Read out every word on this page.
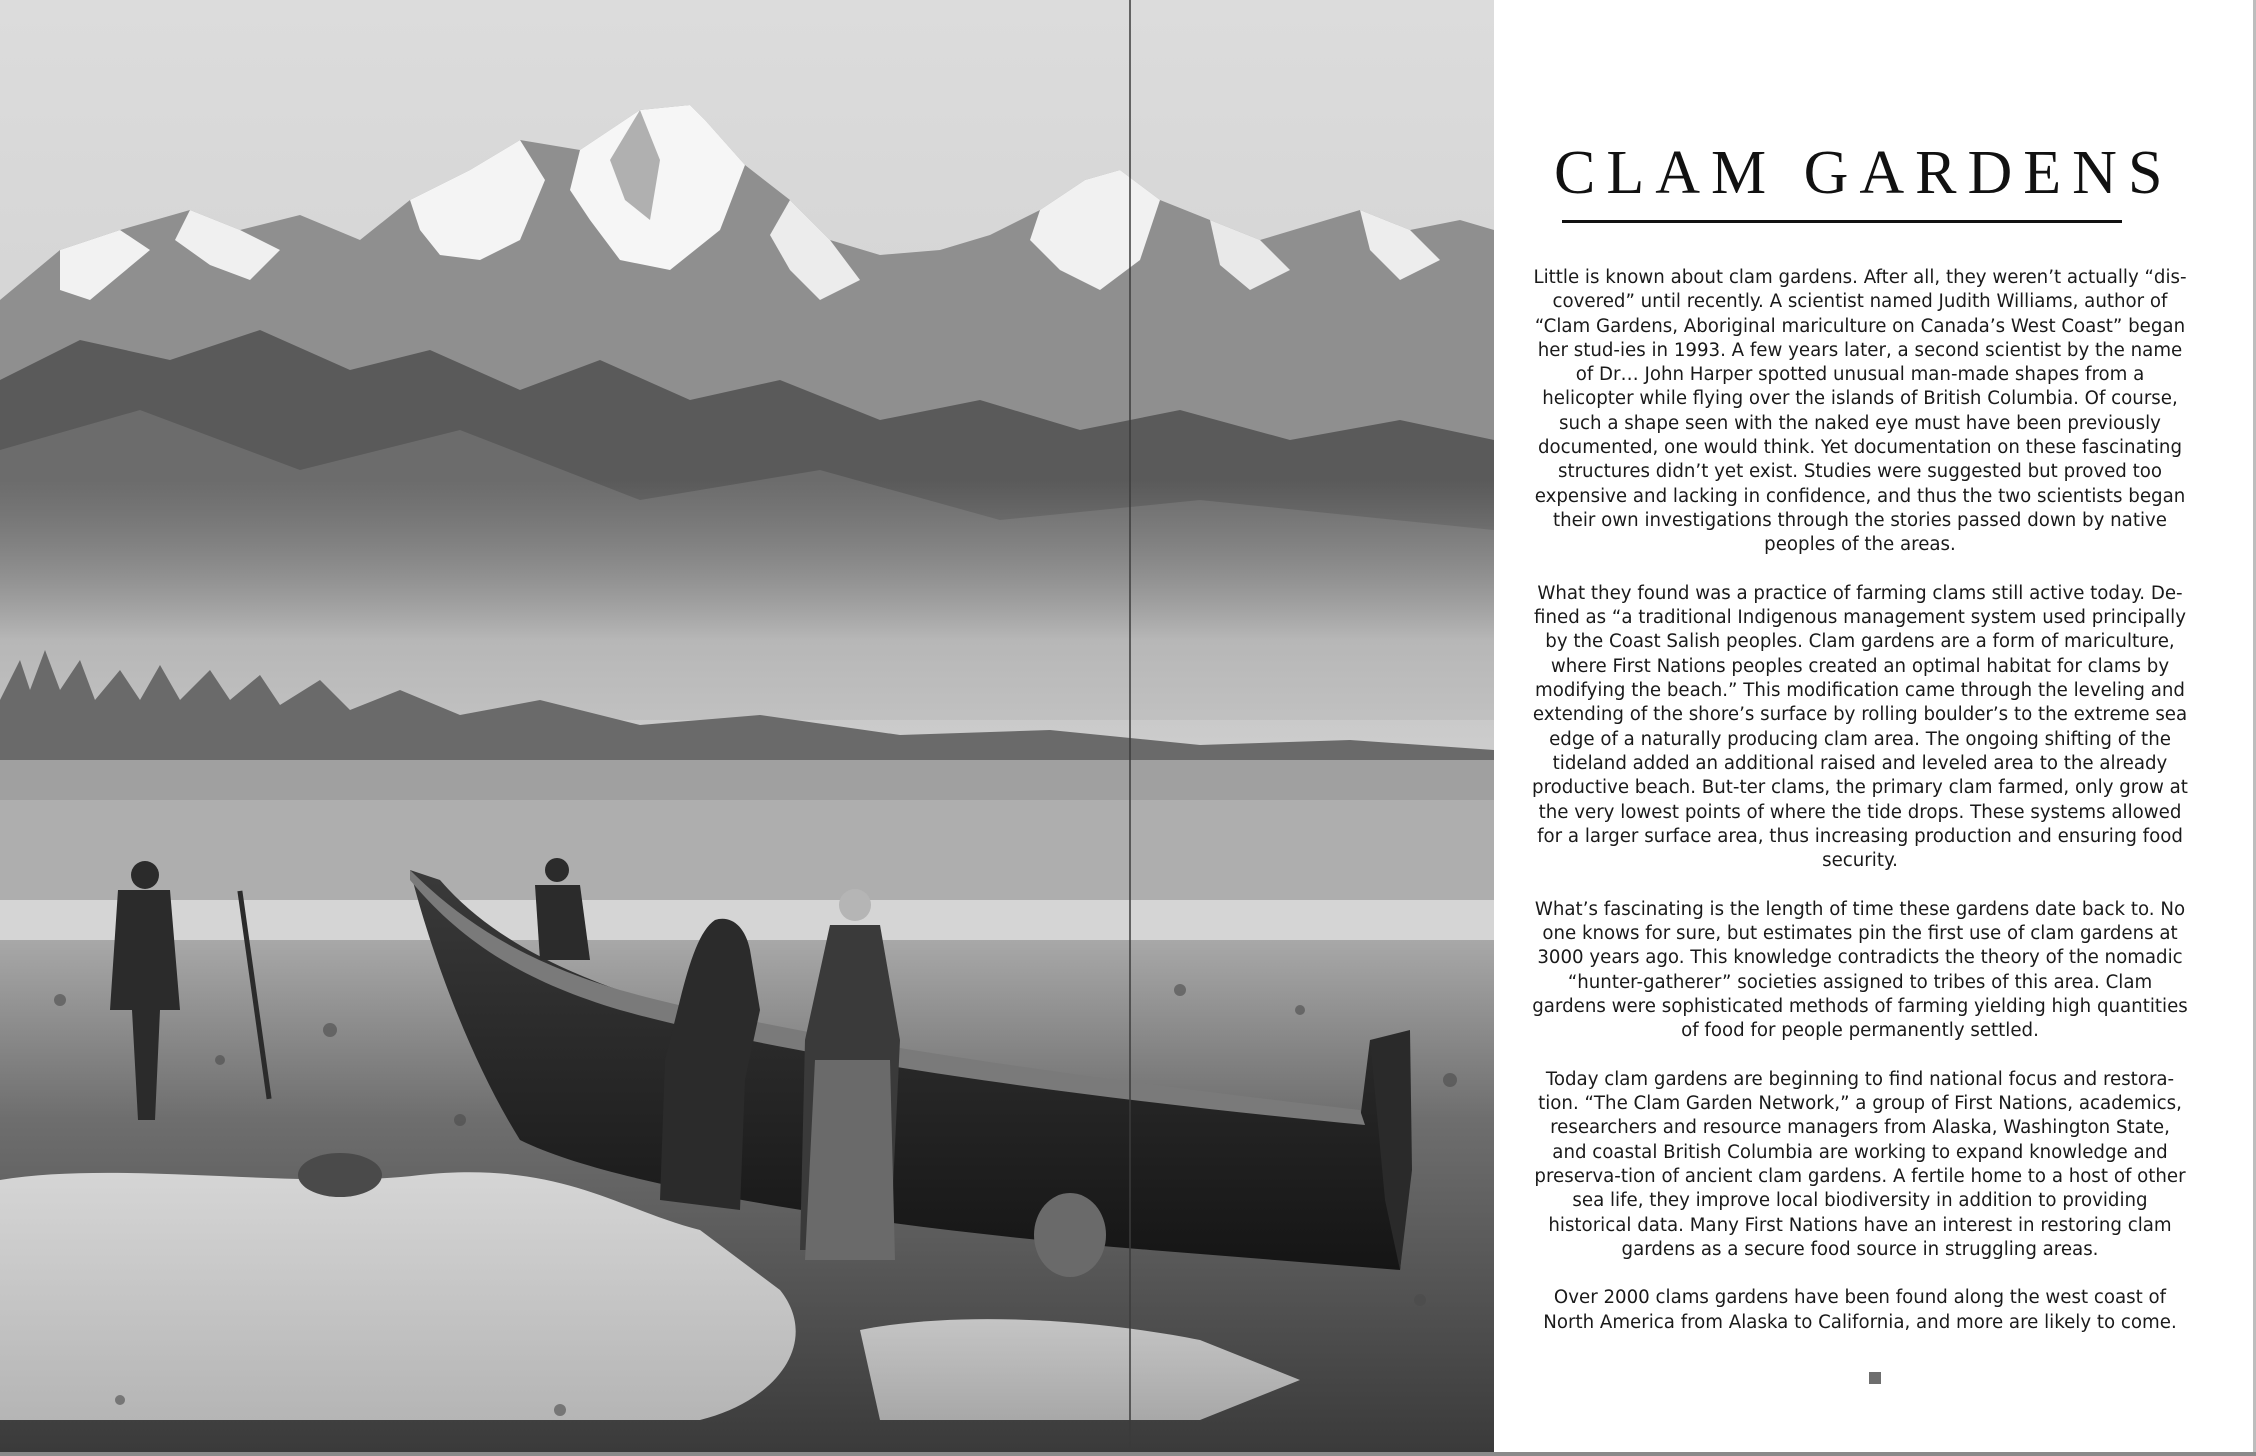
CLAM GARDENS

Little is known about clam gardens. After all, they weren’t actually “dis-covered” until recently. A scientist named Judith Williams, author of “Clam Gardens, Aboriginal mariculture on Canada’s West Coast” began her stud-ies in 1993. A few years later, a second scientist by the name of Dr… John Harper spotted unusual man-made shapes from a helicopter while flying over the islands of British Columbia. Of course, such a shape seen with the naked eye must have been previously documented, one would think. Yet documentation on these fascinating structures didn’t yet exist. Studies were suggested but proved too expensive and lacking in confidence, and thus the two scientists began their own investigations through the stories passed down by native peoples of the areas.

What they found was a practice of farming clams still active today. De-fined as “a traditional Indigenous management system used principally by the Coast Salish peoples. Clam gardens are a form of mariculture, where First Nations peoples created an optimal habitat for clams by modifying the beach.” This modification came through the leveling and extending of the shore’s surface by rolling boulder’s to the extreme sea edge of a naturally producing clam area. The ongoing shifting of the tideland added an additional raised and leveled area to the already productive beach. But-ter clams, the primary clam farmed, only grow at the very lowest points of where the tide drops. These systems allowed for a larger surface area, thus increasing production and ensuring food security.

What’s fascinating is the length of time these gardens date back to. No one knows for sure, but estimates pin the first use of clam gardens at 3000 years ago. This knowledge contradicts the theory of the nomadic “hunter-gatherer” societies assigned to tribes of this area. Clam gardens were sophisticated methods of farming yielding high quantities of food for people permanently settled.

Today clam gardens are beginning to find national focus and restora-tion. “The Clam Garden Network,” a group of First Nations, academics, researchers and resource managers from Alaska, Washington State, and coastal British Columbia are working to expand knowledge and preserva-tion of ancient clam gardens. A fertile home to a host of other sea life, they improve local biodiversity in addition to providing historical data. Many First Nations have an interest in restoring clam gardens as a secure food source in struggling areas.

Over 2000 clams gardens have been found along the west coast of North America from Alaska to California, and more are likely to come.
